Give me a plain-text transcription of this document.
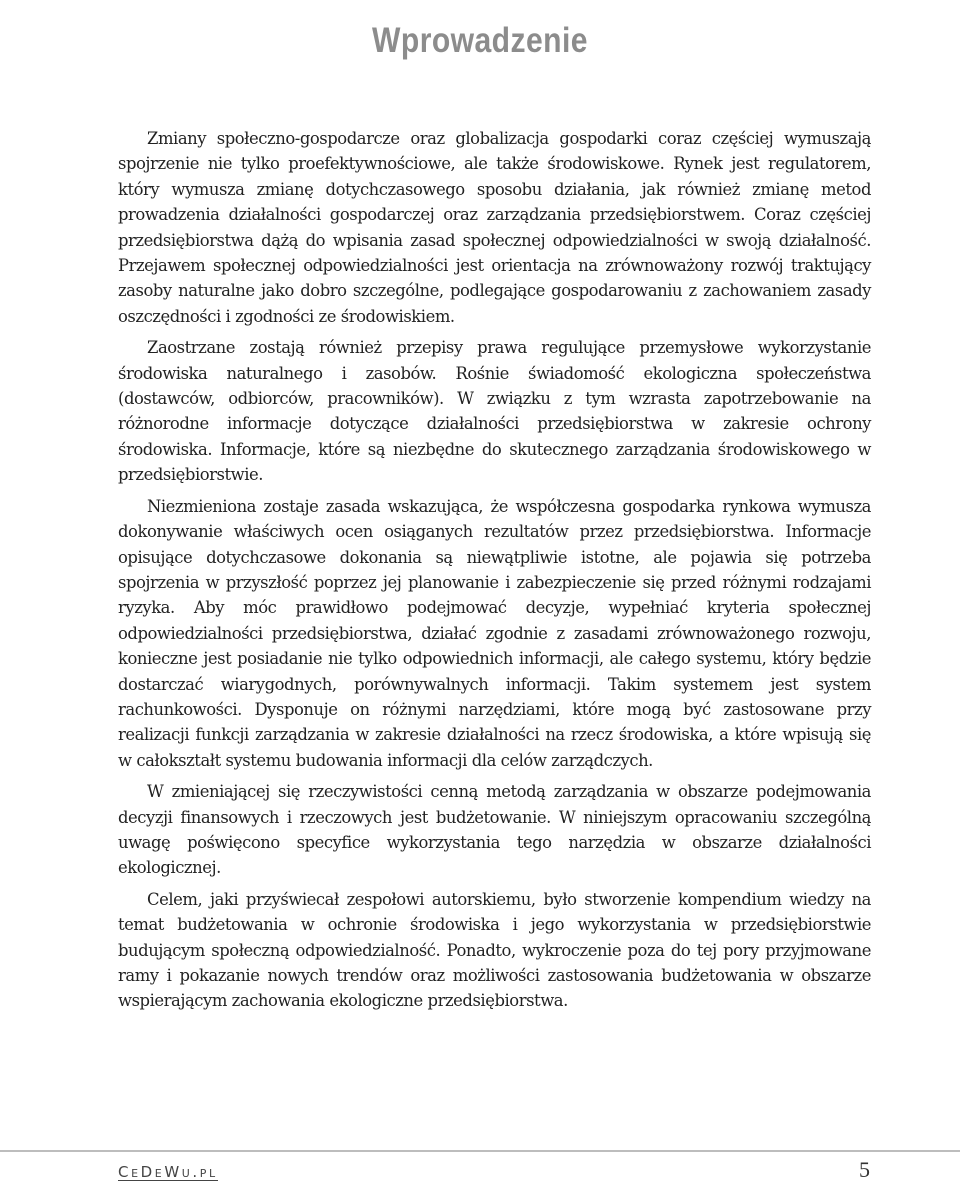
Wprowadzenie

Zmiany społeczno-gospodarcze oraz globalizacja gospodarki coraz częściej wymuszają spojrzenie nie tylko proefektywnościowe, ale także środowiskowe. Rynek jest regulatorem, który wymusza zmianę dotychczasowego sposobu działania, jak również zmianę metod prowadzenia działalności gospodarczej oraz zarządzania przedsiębiorstwem. Coraz częściej przedsiębiorstwa dążą do wpisania zasad społecznej odpowiedzialności w swoją działalność. Przejawem społecznej odpowiedzialności jest orientacja na zrównoważony rozwój traktujący zasoby naturalne jako dobro szczególne, podlegające gospodarowaniu z zachowaniem zasady oszczędności i zgodności ze środowiskiem.

Zaostrzane zostają również przepisy prawa regulujące przemysłowe wykorzystanie środowiska naturalnego i zasobów. Rośnie świadomość ekologiczna społeczeństwa (dostawców, odbiorców, pracowników). W związku z tym wzrasta zapotrzebowanie na różnorodne informacje dotyczące działalności przedsiębiorstwa w zakresie ochrony środowiska. Informacje, które są niezbędne do skutecznego zarządzania środowiskowego w przedsiębiorstwie.

Niezmieniona zostaje zasada wskazująca, że współczesna gospodarka rynkowa wymusza dokonywanie właściwych ocen osiąganych rezultatów przez przedsiębiorstwa. Informacje opisujące dotychczasowe dokonania są niewątpliwie istotne, ale pojawia się potrzeba spojrzenia w przyszłość poprzez jej planowanie i zabezpieczenie się przed różnymi rodzajami ryzyka. Aby móc prawidłowo podejmować decyzje, wypełniać kryteria społecznej odpowiedzialności przedsiębiorstwa, działać zgodnie z zasadami zrównoważonego rozwoju, konieczne jest posiadanie nie tylko odpowiednich informacji, ale całego systemu, który będzie dostarczać wiarygodnych, porównywalnych informacji. Takim systemem jest system rachunkowości. Dysponuje on różnymi narzędziami, które mogą być zastosowane przy realizacji funkcji zarządzania w zakresie działalności na rzecz środowiska, a które wpisują się w całokształt systemu budowania informacji dla celów zarządczych.

W zmieniającej się rzeczywistości cenną metodą zarządzania w obszarze podejmowania decyzji finansowych i rzeczowych jest budżetowanie. W niniejszym opracowaniu szczególną uwagę poświęcono specyfice wykorzystania tego narzędzia w obszarze działalności ekologicznej.

Celem, jaki przyświecał zespołowi autorskiemu, było stworzenie kompendium wiedzy na temat budżetowania w ochronie środowiska i jego wykorzystania w przedsiębiorstwie budującym społeczną odpowiedzialność. Ponadto, wykroczenie poza do tej pory przyjmowane ramy i pokazanie nowych trendów oraz możliwości zastosowania budżetowania w obszarze wspierającym zachowania ekologiczne przedsiębiorstwa.

CeDeWu.pl	5
